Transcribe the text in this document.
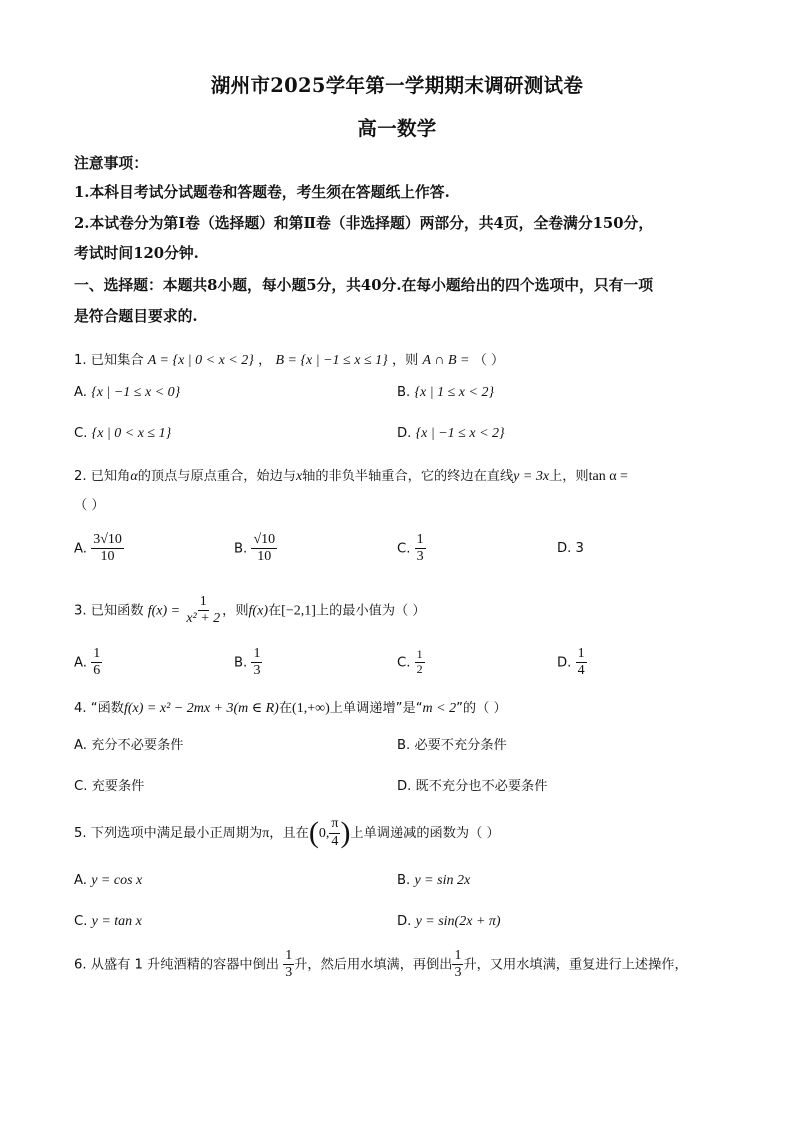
湖州市2025学年第一学期期末调研测试卷
高一数学
注意事项：
1.本科目考试分试题卷和答题卷，考生须在答题纸上作答.
2.本试卷分为第Ⅰ卷（选择题）和第Ⅱ卷（非选择题）两部分，共4页，全卷满分150分，
考试时间120分钟.
一、选择题：本题共8小题，每小题5分，共40分.在每小题给出的四个选项中，只有一项
是符合题目要求的.
1. 已知集合 A = {x | 0 < x < 2} ， B = {x | −1 ≤ x ≤ 1} ，则 A ∩ B = （ ）
A. {x | −1 ≤ x < 0}	B. {x | 1 ≤ x < 2}
C. {x | 0 < x ≤ 1}	D. {x | −1 ≤ x < 2}
2. 已知角α的顶点与原点重合，始边与x轴的非负半轴重合，它的终边在直线y = 3x上，则tan α =
（ ）
A. $\frac{3√10}{10}$	B. $\frac{√10}{10}$	C. $\frac{1}{3}$	D. 3
3. 已知函数 $f(x) = \frac{1}{\text{x² + 2}}$ ，则f(x)在[−2,1]上的最小值为（ ）
A. $\frac{1}{6}$	B. $\frac{1}{3}$	C. $\frac{1}{2}$	D. $\frac{1}{4}$
4. “函数f(x) = x² − 2mx + 3(m ∈ R)在(1,+∞)上单调递增”是“m < 2”的（ ）
A. 充分不必要条件	B. 必要不充分条件
C. 充要条件	D. 既不充分也不必要条件
5. 下列选项中满足最小正周期为π，且在(0, $\frac{\pi}{4}$ )上单调递减的函数为（ ）
A. y = cos x	B. y = sin 2x
C. y = tan x	D. y = sin(2x + π)
6. 从盛有 1 升纯酒精的容器中倒出 $\frac{1}{3}$ 升，然后用水填满，再倒出 $\frac{1}{3}$ 升，又用水填满，重复进行上述操作，
